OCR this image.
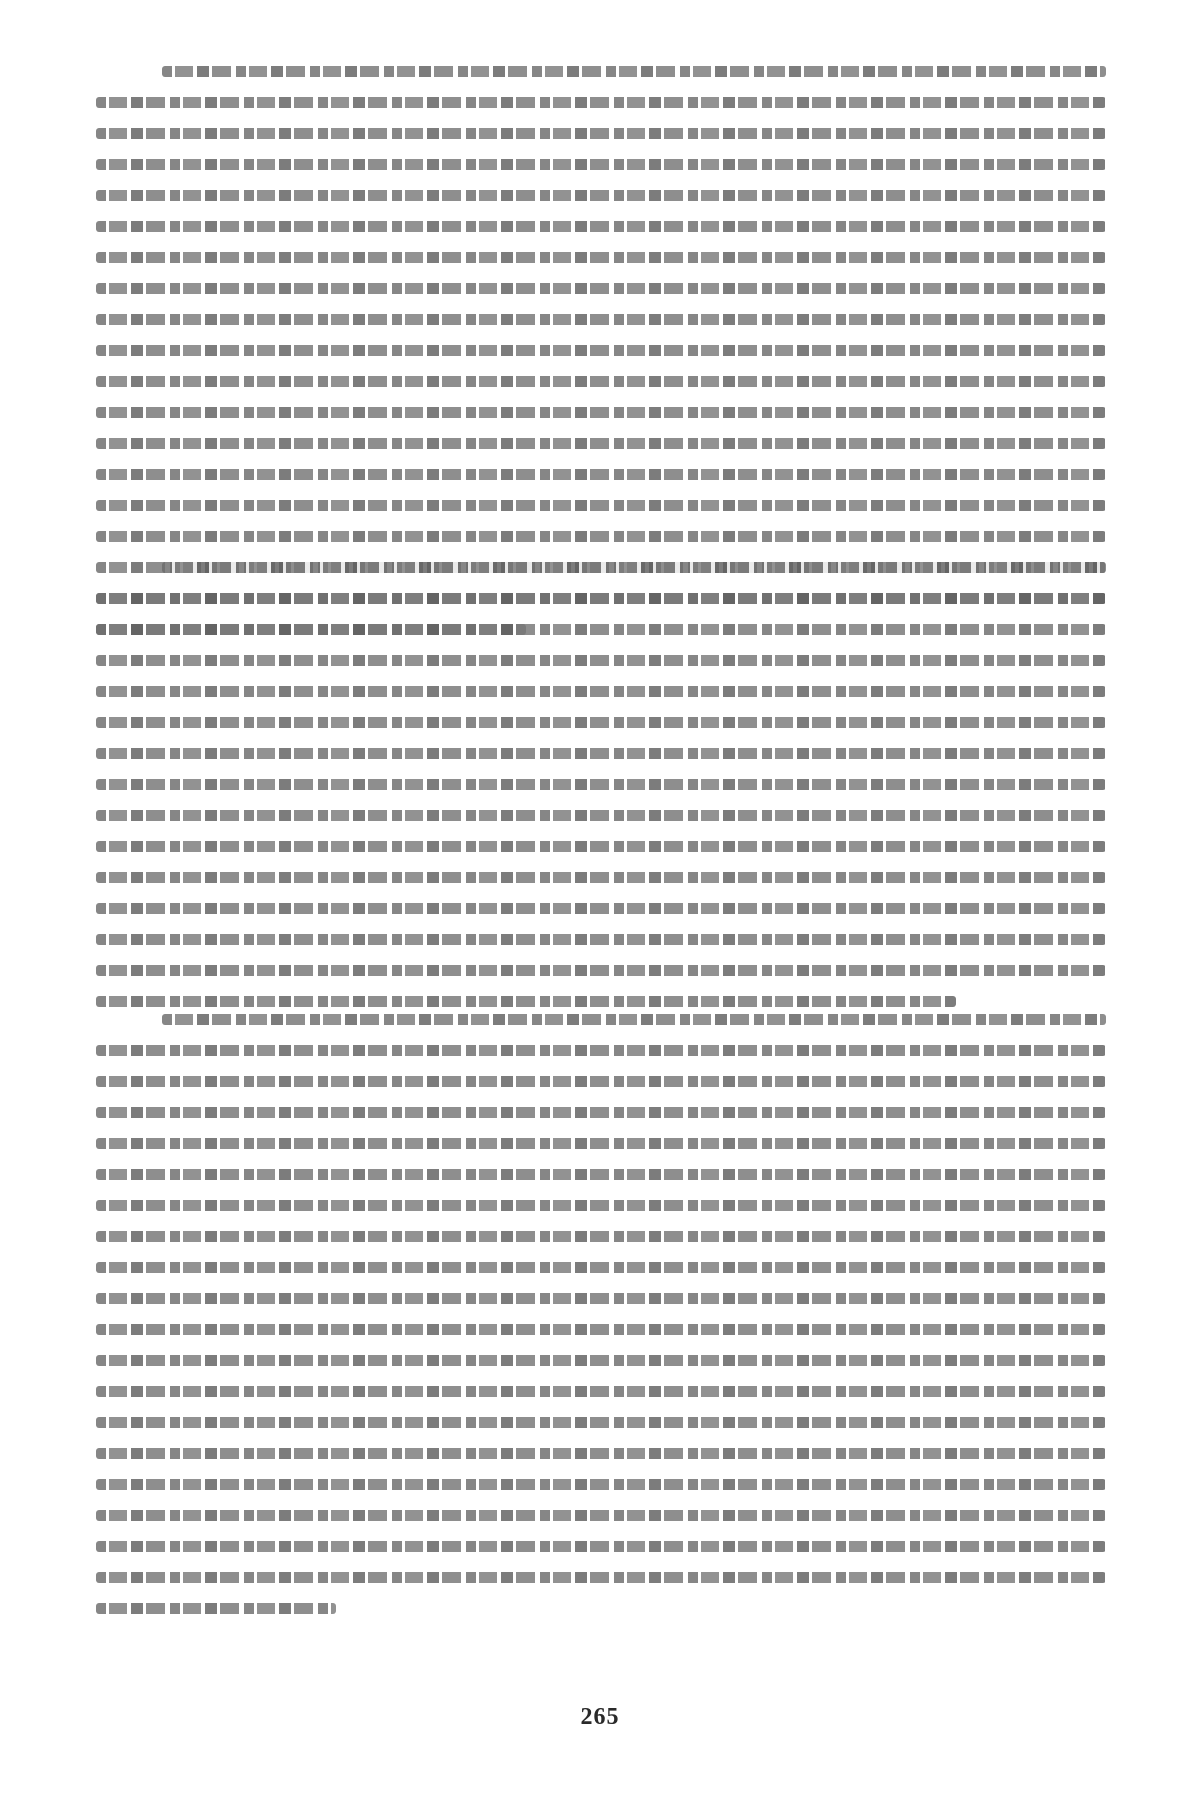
265
